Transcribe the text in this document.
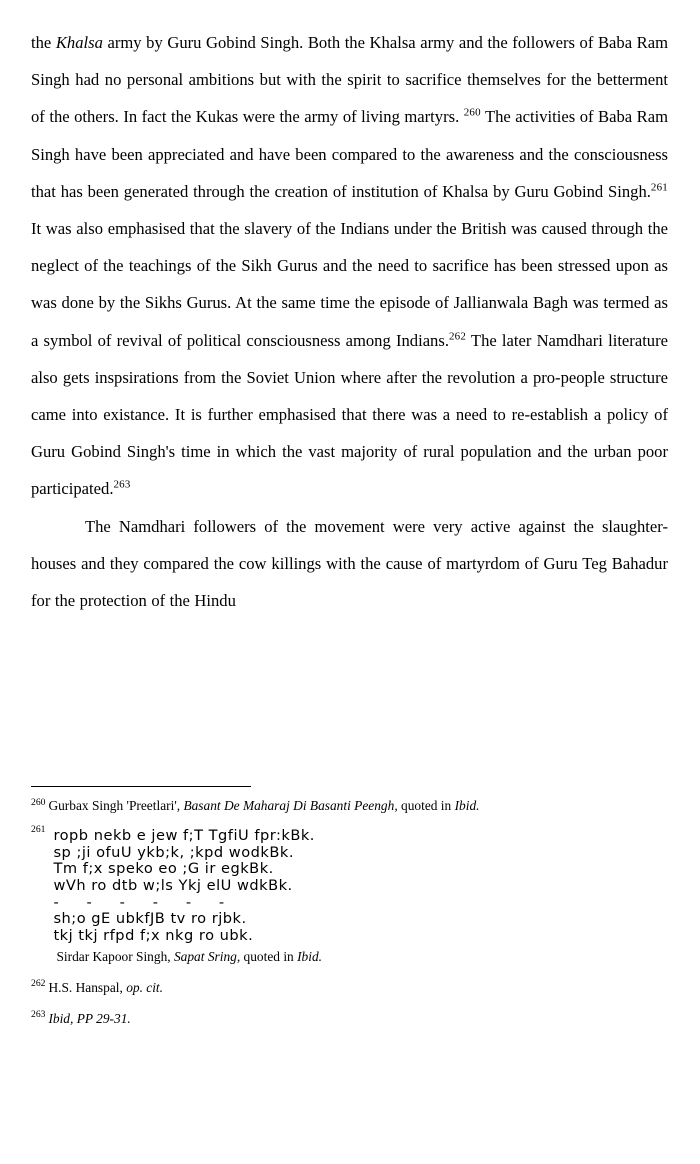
the Khalsa army by Guru Gobind Singh. Both the Khalsa army and the followers of Baba Ram Singh had no personal ambitions but with the spirit to sacrifice themselves for the betterment of the others. In fact the Kukas were the army of living martyrs. $^{260}$ The activities of Baba Ram Singh have been appreciated and have been compared to the awareness and the consciousness that has been generated through the creation of institution of Khalsa by Guru Gobind Singh.$^{261}$ It was also emphasised that the slavery of the Indians under the British was caused through the neglect of the teachings of the Sikh Gurus and the need to sacrifice has been stressed upon as was done by the Sikhs Gurus. At the same time the episode of Jallianwala Bagh was termed as a symbol of revival of political consciousness among Indians.$^{262}$ The later Namdhari literature also gets inspsirations from the Soviet Union where after the revolution a pro-people structure came into existance. It is further emphasised that there was a need to re-establish a policy of Guru Gobind Singh's time in which the vast majority of rural population and the urban poor participated.$^{263}$

The Namdhari followers of the movement were very active against the slaughter-houses and they compared the cow killings with the cause of martyrdom of Guru Teg Bahadur for the protection of the Hindu

$^{260}$ Gurbax Singh 'Preetlari', Basant De Maharaj Di Basanti Peengh, quoted in Ibid.
261 ropb nekb e jew f;T TgfiU fpr:kBk.
sp ;ji ofuU ykb;k, ;kpd wodkBk.
Tm f;x speko eo ;G ir egkBk.
wVh ro dtb w;ls Ykj elU wdkBk.
-      -      -      -      -      -
sh;o gE ubkfJB tv ro rjbk.
tkj tkj rfpd f;x nkg ro ubk.
Sirdar Kapoor Singh, Sapat Sring, quoted in Ibid.
$^{262}$ H.S. Hanspal, op. cit.
$^{263}$ Ibid, PP 29-31.
